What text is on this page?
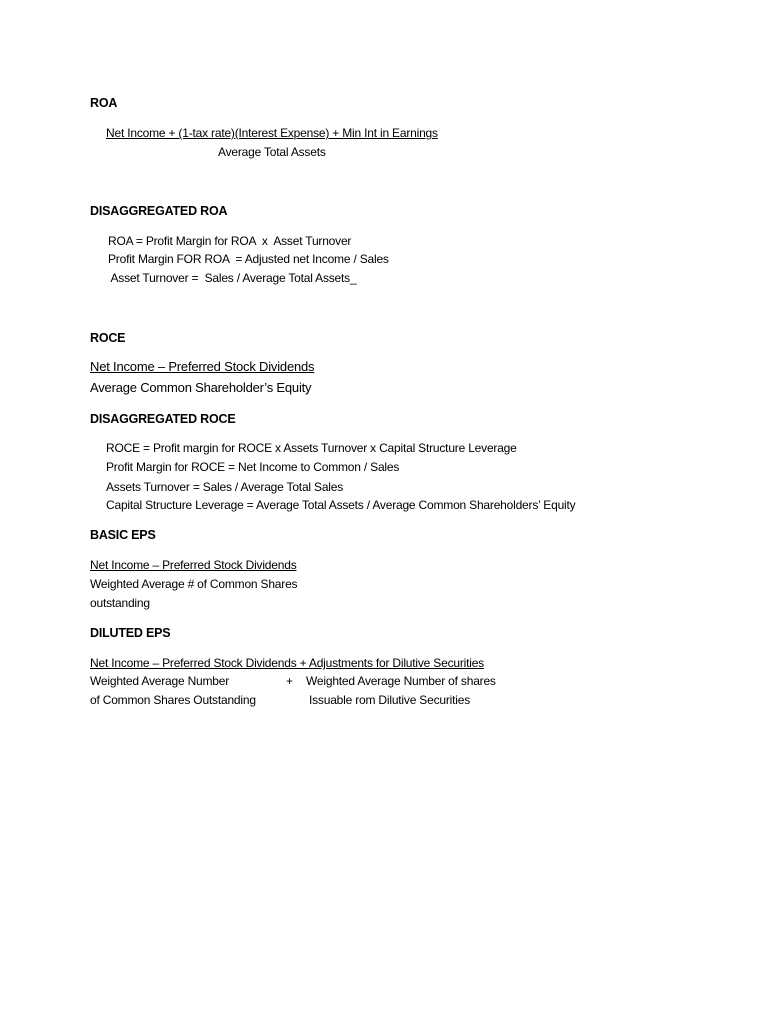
ROA
Net Income + (1-tax rate)(Interest Expense) + Min Int in Earnings
Average Total Assets
DISAGGREGATED ROA
ROA = Profit Margin for ROA  x  Asset Turnover
Profit Margin FOR ROA  = Adjusted net Income / Sales
Asset Turnover =  Sales / Average Total Assets_
ROCE
Net Income – Preferred Stock Dividends
Average Common Shareholder’s Equity
DISAGGREGATED ROCE
ROCE = Profit margin for ROCE x Assets Turnover x Capital Structure Leverage
Profit Margin for ROCE = Net Income to Common / Sales
Assets Turnover = Sales / Average Total Sales
Capital Structure Leverage = Average Total Assets / Average Common Shareholders’ Equity
BASIC EPS
Net Income – Preferred Stock Dividends
Weighted Average # of Common Shares
outstanding
DILUTED EPS
Net Income – Preferred Stock Dividends + Adjustments for Dilutive Securities
Weighted Average Number	+ Weighted Average Number of shares
of Common Shares Outstanding	Issuable rom Dilutive Securities
